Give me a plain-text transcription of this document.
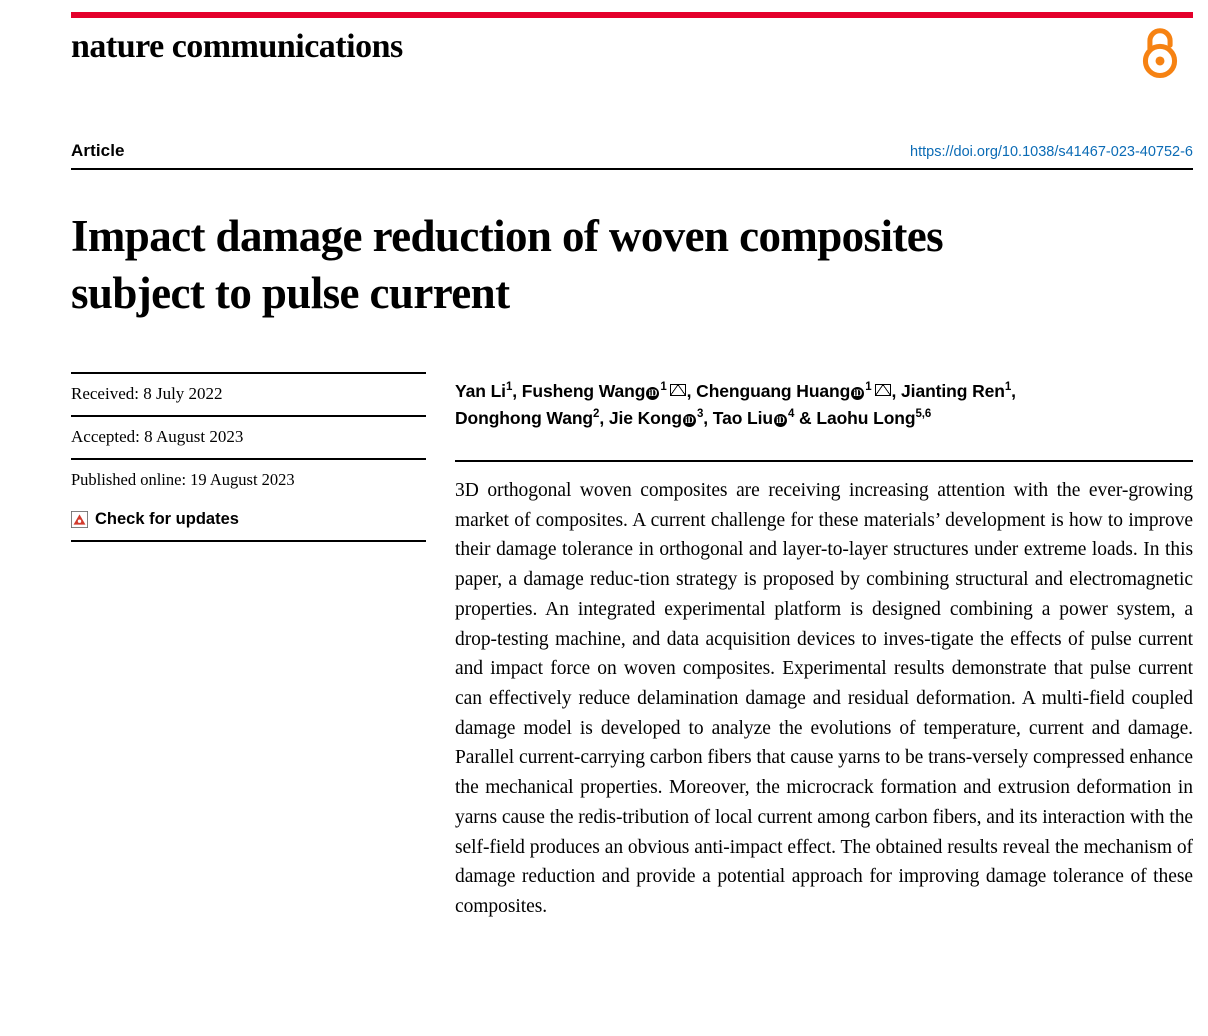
nature communications
Article	https://doi.org/10.1038/s41467-023-40752-6
Impact damage reduction of woven composites subject to pulse current
Received: 8 July 2022
Accepted: 8 August 2023
Published online: 19 August 2023
Check for updates
Yan Li$^1$, Fusheng Wang iD $^1$ , Chenguang Huang iD $^1$ , Jianting Ren$^1$,
Donghong Wang$^2$, Jie Kong iD $^3$, Tao Liu iD $^4$ & Laohu Long$^{5,6}$
3D orthogonal woven composites are receiving increasing attention with the ever-growing market of composites. A current challenge for these materials’ development is how to improve their damage tolerance in orthogonal and layer-to-layer structures under extreme loads. In this paper, a damage reduc-tion strategy is proposed by combining structural and electromagnetic properties. An integrated experimental platform is designed combining a power system, a drop-testing machine, and data acquisition devices to inves-tigate the effects of pulse current and impact force on woven composites. Experimental results demonstrate that pulse current can effectively reduce delamination damage and residual deformation. A multi-field coupled damage model is developed to analyze the evolutions of temperature, current and damage. Parallel current-carrying carbon fibers that cause yarns to be trans-versely compressed enhance the mechanical properties. Moreover, the microcrack formation and extrusion deformation in yarns cause the redis-tribution of local current among carbon fibers, and its interaction with the self-field produces an obvious anti-impact effect. The obtained results reveal the mechanism of damage reduction and provide a potential approach for improving damage tolerance of these composites.
